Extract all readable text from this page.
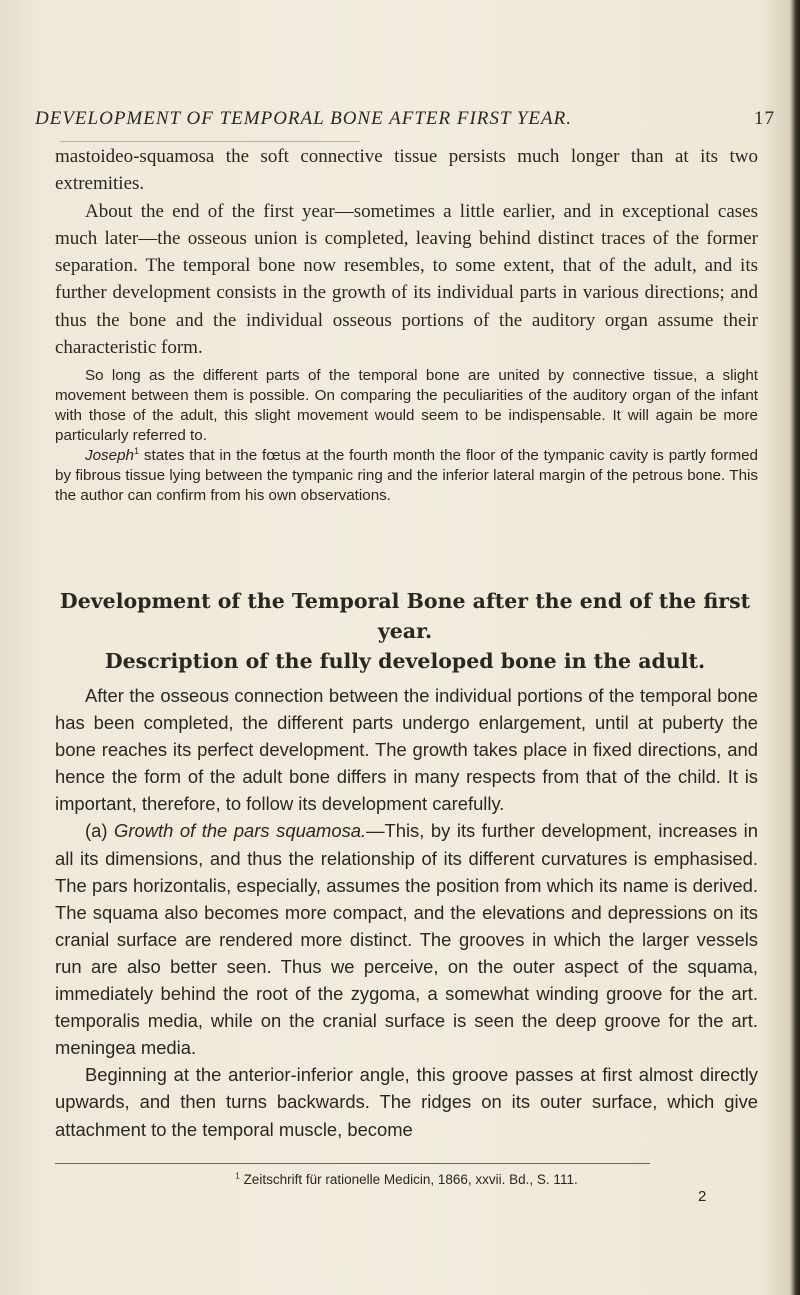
DEVELOPMENT OF TEMPORAL BONE AFTER FIRST YEAR.	17

mastoideo-squamosa the soft connective tissue persists much longer than at its two extremities.

About the end of the first year—sometimes a little earlier, and in exceptional cases much later—the osseous union is completed, leaving behind distinct traces of the former separation. The temporal bone now resembles, to some extent, that of the adult, and its further development consists in the growth of its individual parts in various directions; and thus the bone and the individual osseous portions of the auditory organ assume their characteristic form.

So long as the different parts of the temporal bone are united by connective tissue, a slight movement between them is possible. On comparing the peculiarities of the auditory organ of the infant with those of the adult, this slight movement would seem to be indispensable. It will again be more particularly referred to.

Joseph$^1$ states that in the fœtus at the fourth month the floor of the tympanic cavity is partly formed by fibrous tissue lying between the tympanic ring and the inferior lateral margin of the petrous bone. This the author can confirm from his own observations.

Development of the Temporal Bone after the end of the first year.
Description of the fully developed bone in the adult.

After the osseous connection between the individual portions of the temporal bone has been completed, the different parts undergo enlargement, until at puberty the bone reaches its perfect development. The growth takes place in fixed directions, and hence the form of the adult bone differs in many respects from that of the child. It is important, therefore, to follow its development carefully.

(a) Growth of the pars squamosa.—This, by its further development, increases in all its dimensions, and thus the relationship of its different curvatures is emphasised. The pars horizontalis, especially, assumes the position from which its name is derived. The squama also becomes more compact, and the elevations and depressions on its cranial surface are rendered more distinct. The grooves in which the larger vessels run are also better seen. Thus we perceive, on the outer aspect of the squama, immediately behind the root of the zygoma, a somewhat winding groove for the art. temporalis media, while on the cranial surface is seen the deep groove for the art. meningea media.

Beginning at the anterior-inferior angle, this groove passes at first almost directly upwards, and then turns backwards. The ridges on its outer surface, which give attachment to the temporal muscle, become

$^1$ Zeitschrift für rationelle Medicin, 1866, xxvii. Bd., S. 111.
2
